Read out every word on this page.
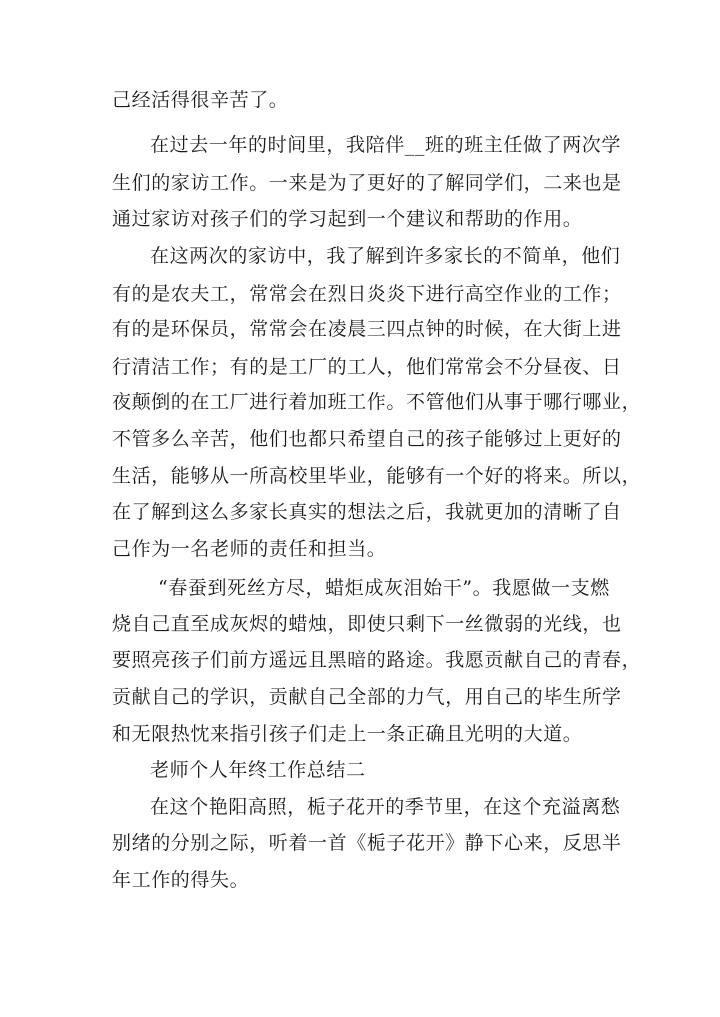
己经活得很辛苦了。
在过去一年的时间里，我陪伴__班的班主任做了两次学
生们的家访工作。一来是为了更好的了解同学们，二来也是
通过家访对孩子们的学习起到一个建议和帮助的作用。
在这两次的家访中，我了解到许多家长的不简单，他们
有的是农夫工，常常会在烈日炎炎下进行高空作业的工作；
有的是环保员，常常会在凌晨三四点钟的时候，在大街上进
行清洁工作；有的是工厂的工人，他们常常会不分昼夜、日
夜颠倒的在工厂进行着加班工作。不管他们从事于哪行哪业，
不管多么辛苦，他们也都只希望自己的孩子能够过上更好的
生活，能够从一所高校里毕业，能够有一个好的将来。所以，
在了解到这么多家长真实的想法之后，我就更加的清晰了自
己作为一名老师的责任和担当。
“春蚕到死丝方尽，蜡炬成灰泪始干”。我愿做一支燃
烧自己直至成灰烬的蜡烛，即使只剩下一丝微弱的光线，也
要照亮孩子们前方遥远且黑暗的路途。我愿贡献自己的青春，
贡献自己的学识，贡献自己全部的力气，用自己的毕生所学
和无限热忱来指引孩子们走上一条正确且光明的大道。
老师个人年终工作总结二
在这个艳阳高照，栀子花开的季节里，在这个充溢离愁
别绪的分别之际，听着一首《栀子花开》静下心来，反思半
年工作的得失。
